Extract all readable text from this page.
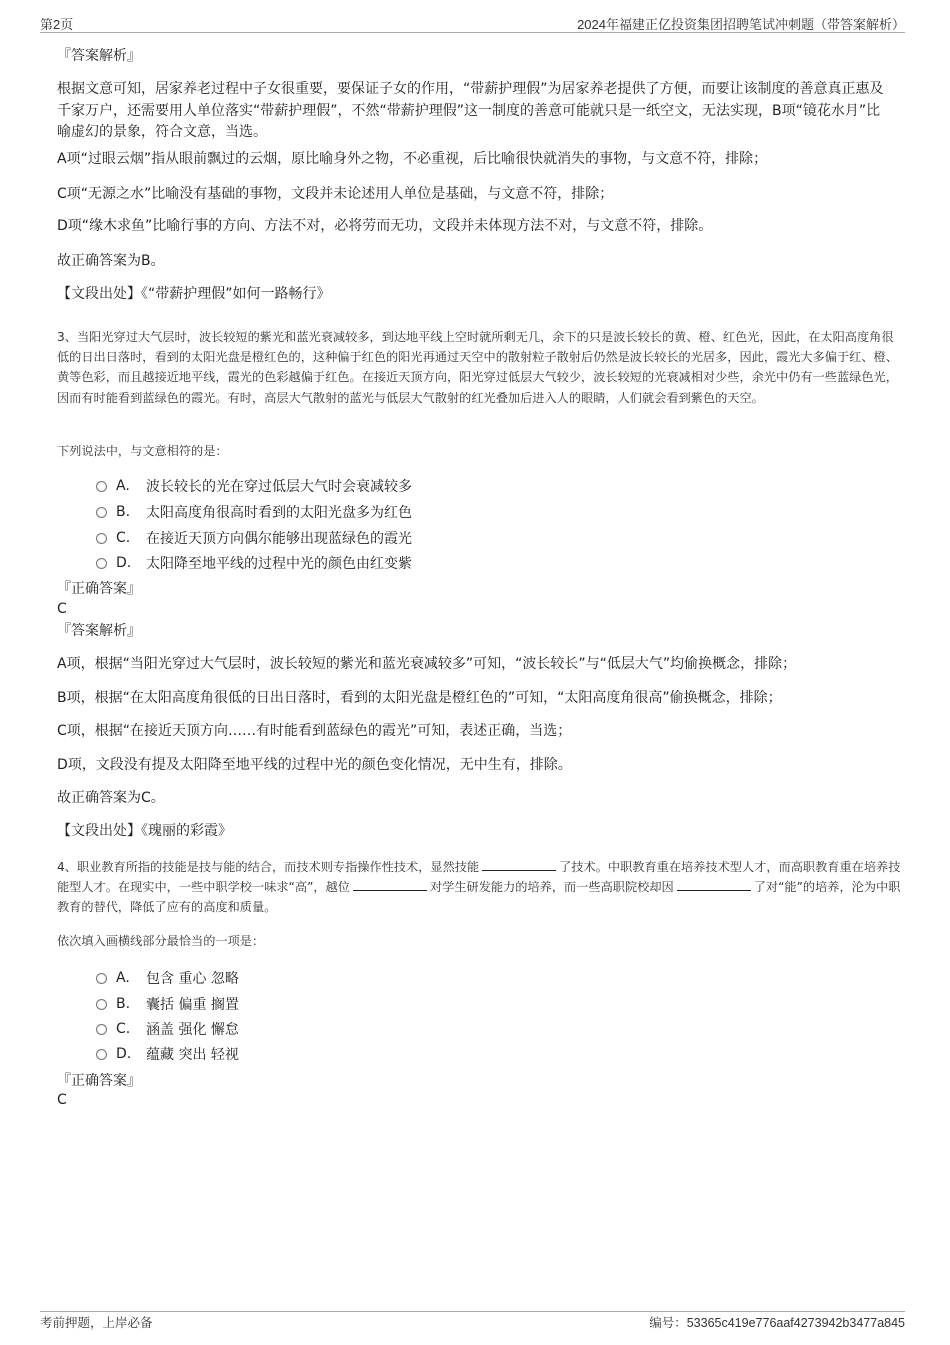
第2页	2024年福建正亿投资集团招聘笔试冲刺题（带答案解析）
『答案解析』
根据文意可知，居家养老过程中子女很重要，要保证子女的作用，“带薪护理假”为居家养老提供了方便，而要让该制度的善意真正惠及千家万户，还需要用人单位落实“带薪护理假”，不然“带薪护理假”这一制度的善意可能就只是一纸空文，无法实现，B项“镜花水月”比喻虚幻的景象，符合文意，当选。
A项“过眼云烟”指从眼前飘过的云烟，原比喻身外之物，不必重视，后比喻很快就消失的事物，与文意不符，排除；
C项“无源之水”比喻没有基础的事物，文段并未论述用人单位是基础，与文意不符，排除；
D项“缘木求鱼”比喻行事的方向、方法不对，必将劳而无功，文段并未体现方法不对，与文意不符，排除。
故正确答案为B。
【文段出处】《“带薪护理假”如何一路畅行》
3、当阳光穿过大气层时，波长较短的紫光和蓝光衰减较多，到达地平线上空时就所剩无几，余下的只是波长较长的黄、橙、红色光，因此，在太阳高度角很低的日出日落时，看到的太阳光盘是橙红色的，这种偏于红色的阳光再通过天空中的散射粒子散射后仍然是波长较长的光居多，因此，霞光大多偏于红、橙、黄等色彩，而且越接近地平线，霞光的色彩越偏于红色。在接近天顶方向，阳光穿过低层大气较少，波长较短的光衰减相对少些，余光中仍有一些蓝绿色光，因而有时能看到蓝绿色的霞光。有时，高层大气散射的蓝光与低层大气散射的红光叠加后进入人的眼睛，人们就会看到紫色的天空。
下列说法中，与文意相符的是：
A.	波长较长的光在穿过低层大气时会衰减较多
B.	太阳高度角很高时看到的太阳光盘多为红色
C.	在接近天顶方向偶尔能够出现蓝绿色的霞光
D.	太阳降至地平线的过程中光的颜色由红变紫
『正确答案』
C
『答案解析』
A项，根据“当阳光穿过大气层时，波长较短的紫光和蓝光衰减较多”可知，“波长较长”与“低层大气”均偷换概念，排除；
B项，根据“在太阳高度角很低的日出日落时，看到的太阳光盘是橙红色的”可知，“太阳高度角很高”偷换概念，排除；
C项，根据“在接近天顶方向……有时能看到蓝绿色的霞光”可知，表述正确，当选；
D项，文段没有提及太阳降至地平线的过程中光的颜色变化情况，无中生有，排除。
故正确答案为C。
【文段出处】《瑰丽的彩霞》
4、职业教育所指的技能是技与能的结合，而技术则专指操作性技术，显然技能	了技术。中职教育重在培养技术型人才，而高职教育重在培养技能型人才。在现实中，一些中职学校一味求“高”，越位	对学生研发能力的培养，而一些高职院校却因	了对“能”的培养，沦为中职教育的替代，降低了应有的高度和质量。
依次填入画横线部分最恰当的一项是：
A.	包含 重心 忽略
B.	囊括 偏重 搁置
C.	涵盖 强化 懈怠
D.	蕴藏 突出 轻视
『正确答案』
C
考前押题，上岸必备	编号：53365c419e776aaf4273942b3477a845
